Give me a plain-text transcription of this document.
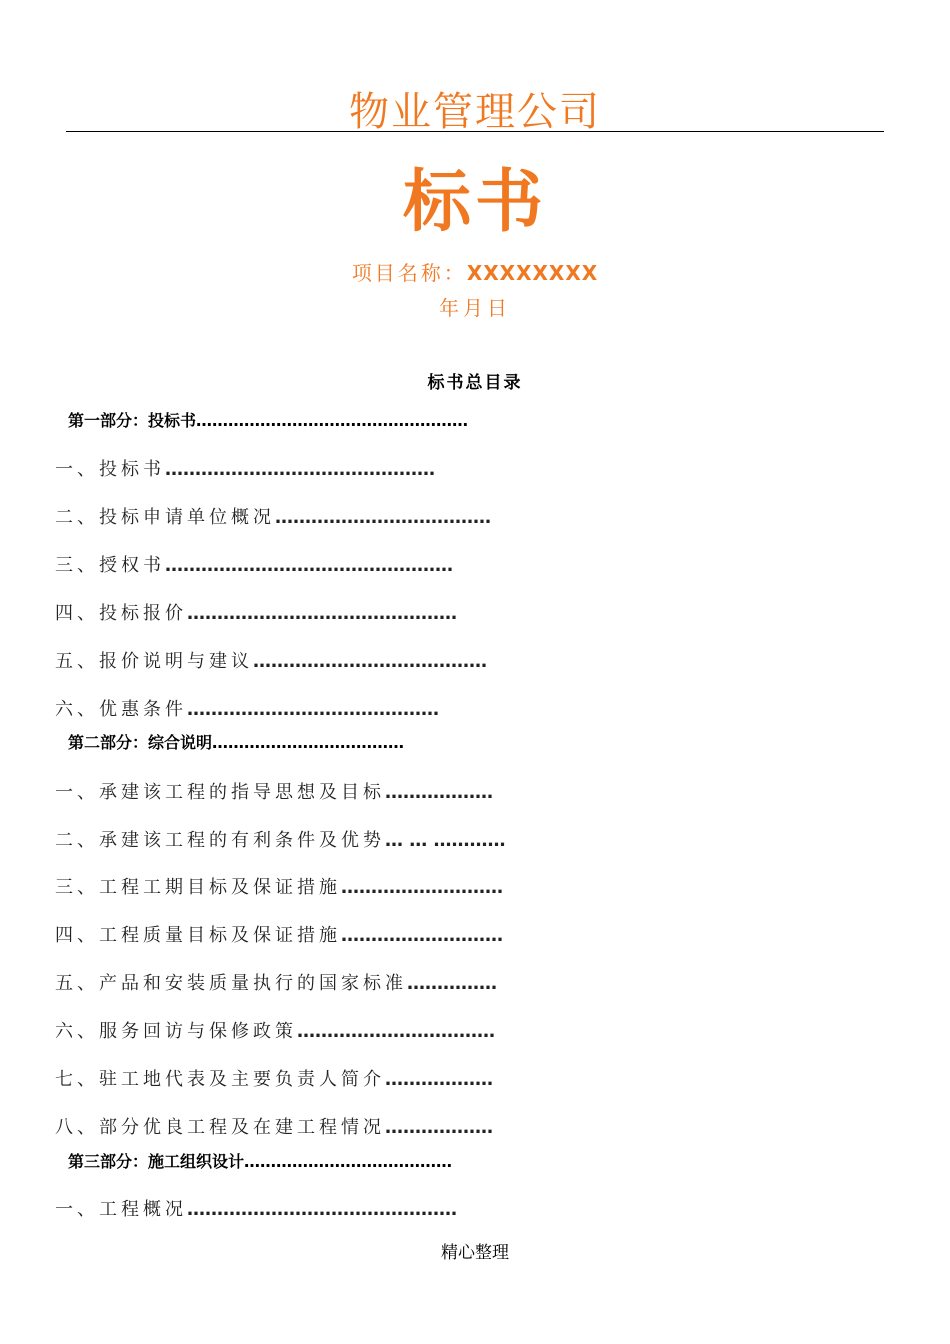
物业管理公司
标书
项目名称：XXXXXXXX
年月日
标书总目录
第一部分：投标书……………………………………………
一、投标书………………………………………
二、投标申请单位概况………………………………
三、授权书…………………………………………
四、投标报价………………………………………
五、报价说明与建议…………………………………
六、优惠条件……………………………………
第二部分：综合说明………………………………
一、承建该工程的指导思想及目标………………
二、承建该工程的有利条件及优势… … …………
三、工程工期目标及保证措施………………………
四、工程质量目标及保证措施………………………
五、产品和安装质量执行的国家标准……………
六、服务回访与保修政策……………………………
七、驻工地代表及主要负责人简介………………
八、部分优良工程及在建工程情况………………
第三部分：施工组织设计…………………………………
一、工程概况………………………………………
精心整理
